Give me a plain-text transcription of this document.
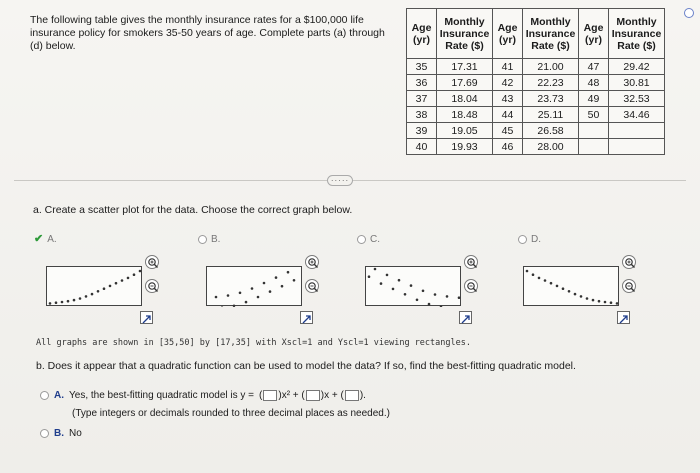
The following table gives the monthly insurance rates for a $100,000 life insurance policy for smokers 35-50 years of age. Complete parts (a) through (d) below.
Age (yr)	Monthly Insurance Rate ($)	Age (yr)	Monthly Insurance Rate ($)	Age (yr)	Monthly Insurance Rate ($)
35	17.31	41	21.00	47	29.42
36	17.69	42	22.23	48	30.81
37	18.04	43	23.73	49	32.53
38	18.48	44	25.11	50	34.46
39	19.05	45	26.58		
40	19.93	46	28.00		
·····
a. Create a scatter plot for the data. Choose the correct graph below.
✔ A.	B.	C.	D.
All graphs are shown in [35,50] by [17,35] with Xscl=1 and Yscl=1 viewing rectangles.
b. Does it appear that a quadratic function can be used to model the data? If so, find the best-fitting quadratic model.
A. Yes, the best-fitting quadratic model is y = ( )x² + ( )x + ( ).
(Type integers or decimals rounded to three decimal places as needed.)
B. No
